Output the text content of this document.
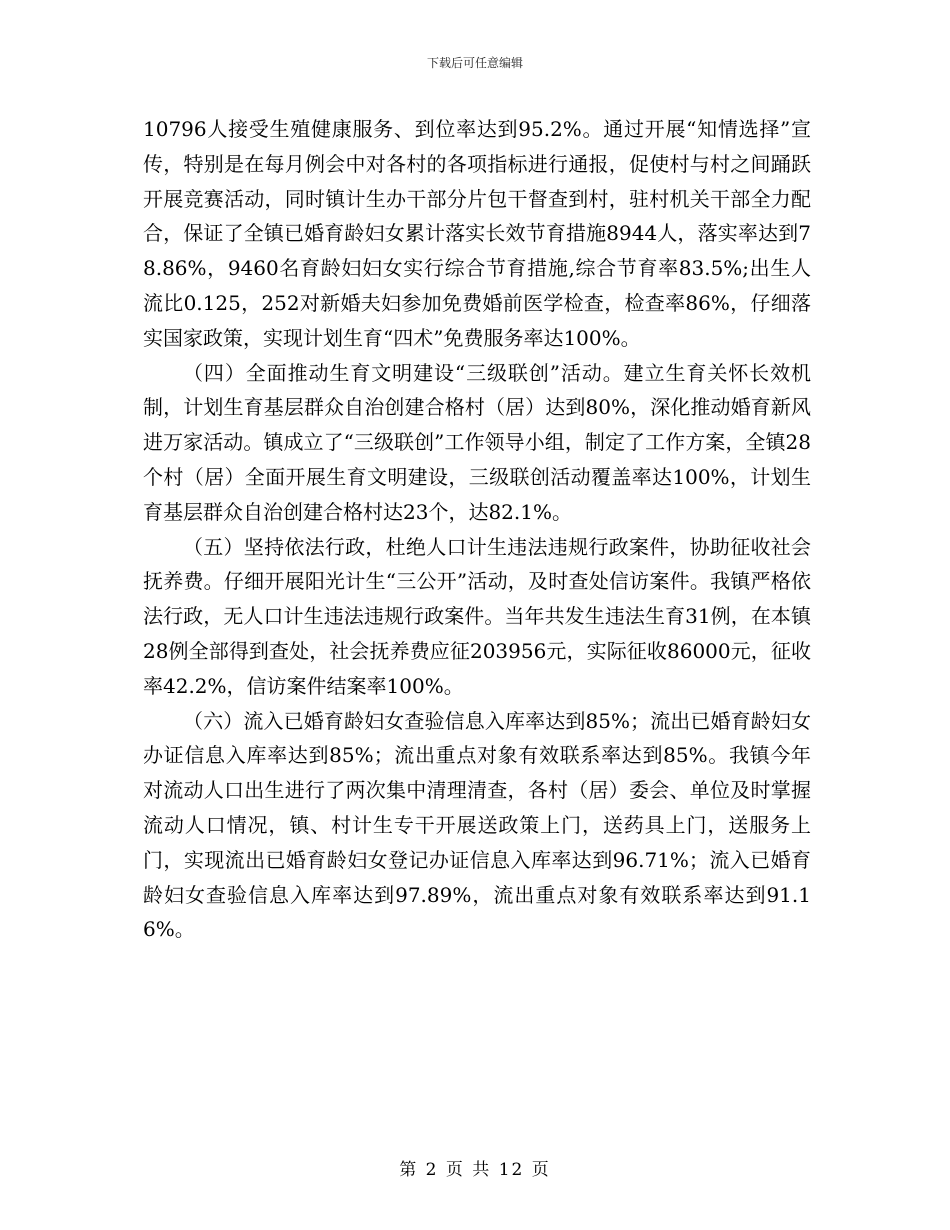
下载后可任意编辑

10796人接受生殖健康服务、到位率达到95.2%。通过开展“知情选择”宣传，特别是在每月例会中对各村的各项指标进行通报，促使村与村之间踊跃开展竞赛活动，同时镇计生办干部分片包干督查到村，驻村机关干部全力配合，保证了全镇已婚育龄妇女累计落实长效节育措施8944人，落实率达到78.86%，9460名育龄妇妇女实行综合节育措施,综合节育率83.5%;出生人流比0.125，252对新婚夫妇参加免费婚前医学检查，检查率86%，仔细落实国家政策，实现计划生育“四术”免费服务率达100%。

（四）全面推动生育文明建设“三级联创”活动。建立生育关怀长效机制，计划生育基层群众自治创建合格村（居）达到80%，深化推动婚育新风进万家活动。镇成立了“三级联创”工作领导小组，制定了工作方案，全镇28个村（居）全面开展生育文明建设，三级联创活动覆盖率达100%，计划生育基层群众自治创建合格村达23个，达82.1%。

（五）坚持依法行政，杜绝人口计生违法违规行政案件，协助征收社会抚养费。仔细开展阳光计生“三公开”活动，及时查处信访案件。我镇严格依法行政，无人口计生违法违规行政案件。当年共发生违法生育31例，在本镇28例全部得到查处，社会抚养费应征203956元，实际征收86000元，征收率42.2%，信访案件结案率100%。

（六）流入已婚育龄妇女查验信息入库率达到85%；流出已婚育龄妇女办证信息入库率达到85%；流出重点对象有效联系率达到85%。我镇今年对流动人口出生进行了两次集中清理清查，各村（居）委会、单位及时掌握流动人口情况，镇、村计生专干开展送政策上门，送药具上门，送服务上门，实现流出已婚育龄妇女登记办证信息入库率达到96.71%；流入已婚育龄妇女查验信息入库率达到97.89%，流出重点对象有效联系率达到91.16%。

第 2 页 共 12 页
